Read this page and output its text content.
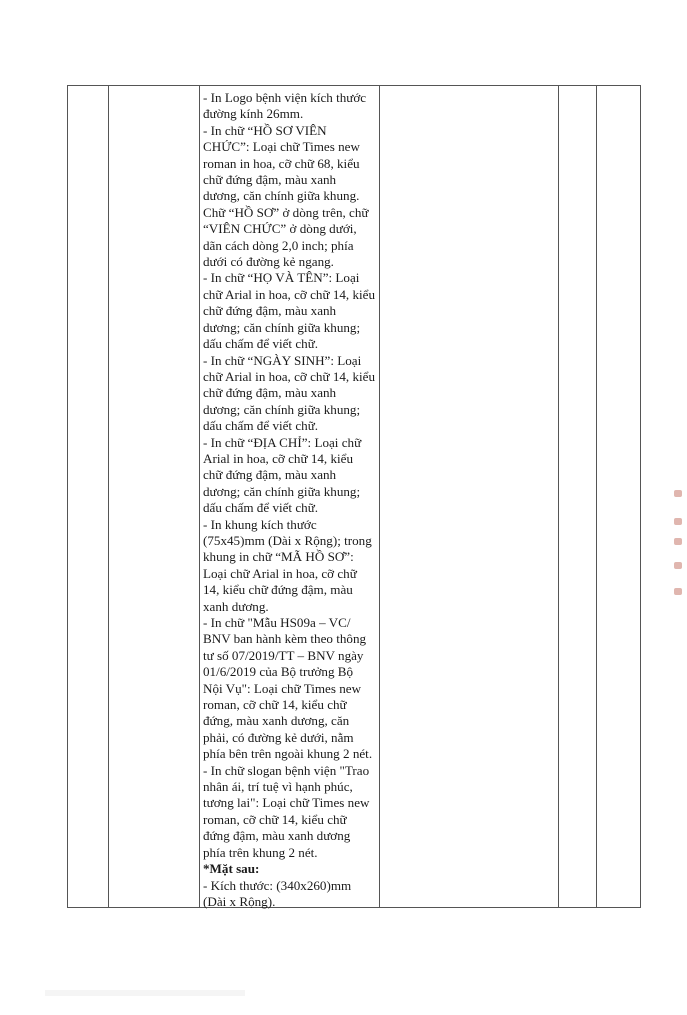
- In Logo bệnh viện kích thước đường kính 26mm.

- In chữ “HỒ SƠ VIÊN CHỨC”: Loại chữ Times new roman in hoa, cỡ chữ 68, kiểu chữ đứng đậm, màu xanh dương, căn chính giữa khung. Chữ “HỒ SƠ” ở dòng trên, chữ “VIÊN CHỨC” ở dòng dưới, dãn cách dòng 2,0 inch; phía dưới có đường kẻ ngang.

- In chữ “HỌ VÀ TÊN”: Loại chữ Arial in hoa, cỡ chữ 14, kiểu chữ đứng đậm, màu xanh dương; căn chính giữa khung; dấu chấm để viết chữ.

- In chữ “NGÀY SINH”: Loại chữ Arial in hoa, cỡ chữ 14, kiểu chữ đứng đậm, màu xanh dương; căn chính giữa khung; dấu chấm để viết chữ.

- In chữ “ĐỊA CHỈ”: Loại chữ Arial in hoa, cỡ chữ 14, kiểu chữ đứng đậm, màu xanh dương; căn chính giữa khung; dấu chấm để viết chữ.

- In khung kích thước (75x45)mm (Dài x Rộng); trong khung in chữ “MÃ HỒ SƠ”: Loại chữ Arial in hoa, cỡ chữ 14, kiểu chữ đứng đậm, màu xanh dương.

- In chữ "Mẫu HS09a – VC/ BNV ban hành kèm theo thông tư số 07/2019/TT – BNV ngày 01/6/2019 của Bộ trưởng Bộ Nội Vụ": Loại chữ Times new roman, cỡ chữ 14, kiểu chữ đứng, màu xanh dương, căn phải, có đường kẻ dưới, nằm phía bên trên ngoài khung 2 nét.

- In chữ slogan bệnh viện "Trao nhân ái, trí tuệ vì hạnh phúc, tương lai": Loại chữ Times new roman, cỡ chữ 14, kiểu chữ đứng đậm, màu xanh dương phía trên khung 2 nét.

*Mặt sau:

- Kích thước: (340x260)mm (Dài x Rộng).
